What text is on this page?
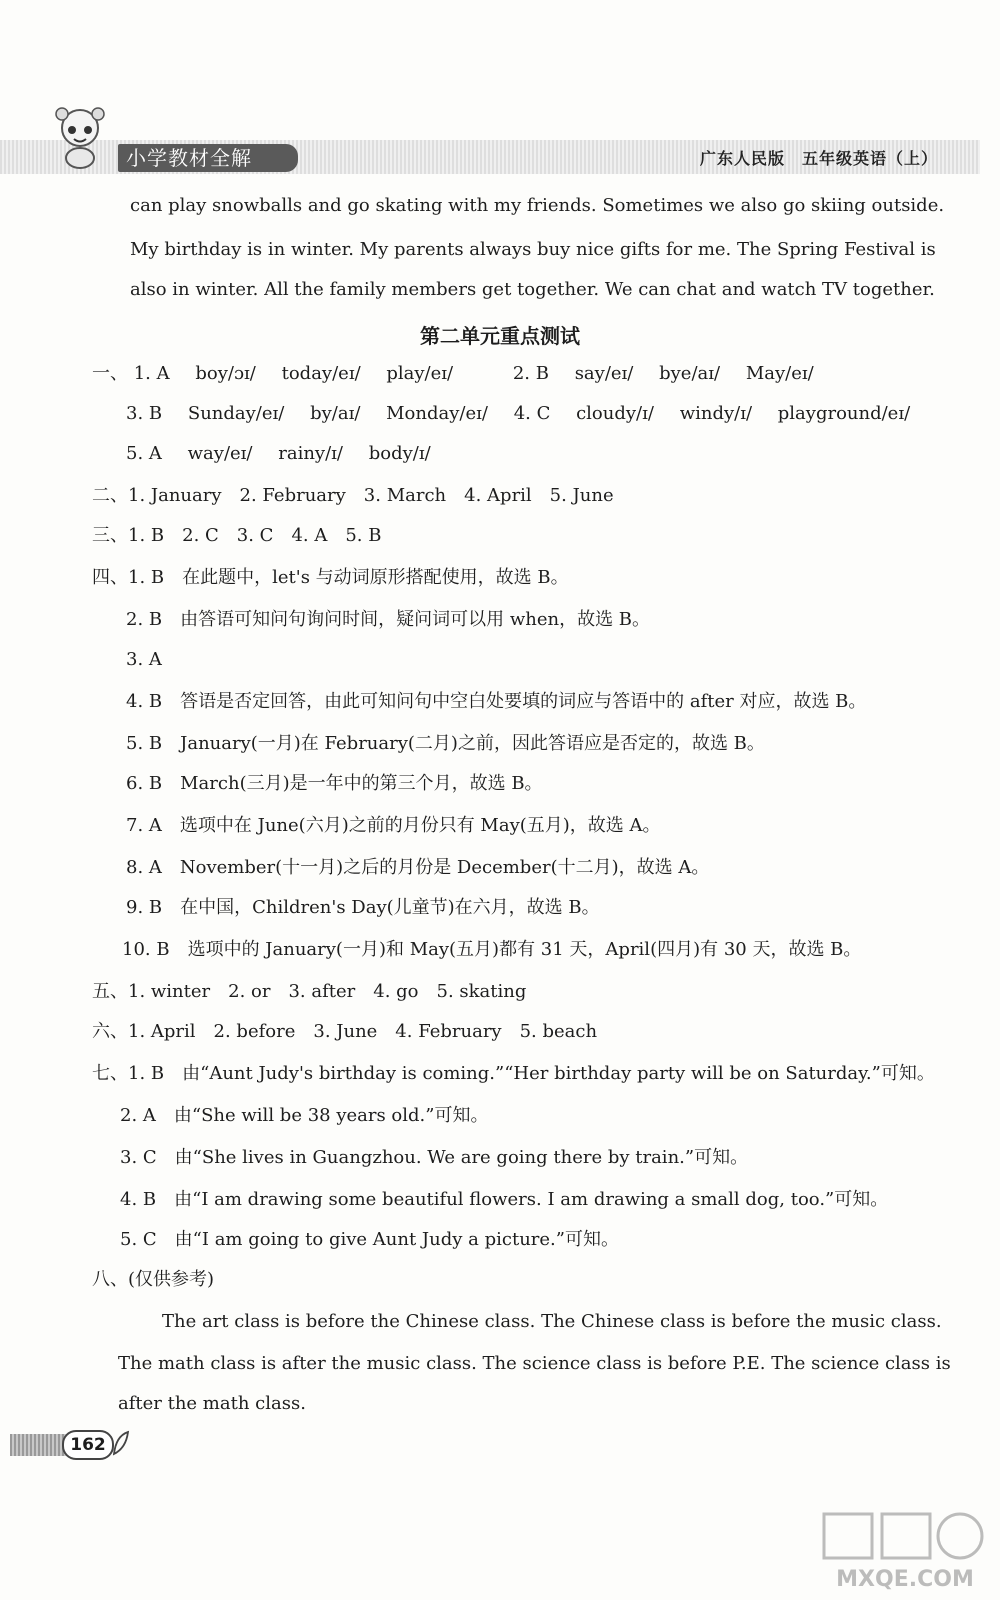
小学教材全解	广东人民版　五年级英语（上）
can play snowballs and go skating with my friends. Sometimes we also go skiing outside.
My birthday is in winter. My parents always buy nice gifts for me. The Spring Festival is
also in winter. All the family members get together. We can chat and watch TV together.
第二单元重点测试
一、 1. A boy/ɔɪ/ today/eɪ/ play/eɪ/	2. B say/eɪ/ bye/aɪ/ May/eɪ/
3. B Sunday/eɪ/ by/aɪ/ Monday/eɪ/ 4. C cloudy/ɪ/ windy/ɪ/ playground/eɪ/
5. A way/eɪ/ rainy/ɪ/ body/ɪ/
二、1. January　2. February　3. March　4. April　5. June
三、1. B　2. C　3. C　4. A　5. B
四、1. B　在此题中，let's 与动词原形搭配使用，故选 B。
2. B　由答语可知问句询问时间，疑问词可以用 when，故选 B。
3. A
4. B　答语是否定回答，由此可知问句中空白处要填的词应与答语中的 after 对应，故选 B。
5. B　January(一月)在 February(二月)之前，因此答语应是否定的，故选 B。
6. B　March(三月)是一年中的第三个月，故选 B。
7. A　选项中在 June(六月)之前的月份只有 May(五月)，故选 A。
8. A　November(十一月)之后的月份是 December(十二月)，故选 A。
9. B　在中国，Children's Day(儿童节)在六月，故选 B。
10. B　选项中的 January(一月)和 May(五月)都有 31 天，April(四月)有 30 天，故选 B。
五、1. winter　2. or　3. after　4. go　5. skating
六、1. April　2. before　3. June　4. February　5. beach
七、1. B　由“Aunt Judy's birthday is coming.”“Her birthday party will be on Saturday.”可知。
2. A　由“She will be 38 years old.”可知。
3. C　由“She lives in Guangzhou. We are going there by train.”可知。
4. B　由“I am drawing some beautiful flowers. I am drawing a small dog, too.”可知。
5. C　由“I am going to give Aunt Judy a picture.”可知。
八、(仅供参考)
The art class is before the Chinese class. The Chinese class is before the music class.
The math class is after the music class. The science class is before P.E. The science class is
after the math class.
162
MXQE.COM
